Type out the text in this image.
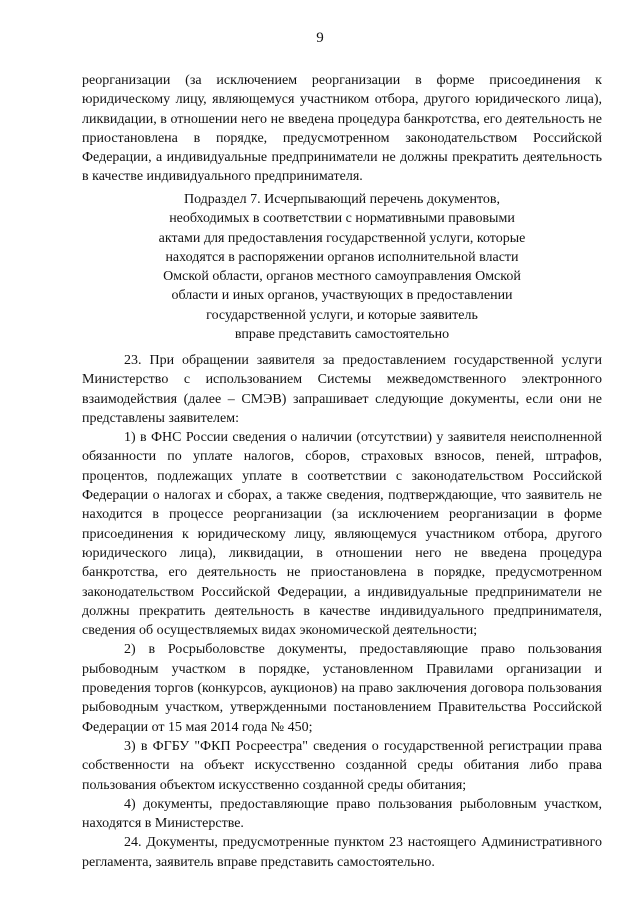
9

реорганизации (за исключением реорганизации в форме присоединения к юридическому лицу, являющемуся участником отбора, другого юридического лица), ликвидации, в отношении него не введена процедура банкротства, его деятельность не приостановлена в порядке, предусмотренном законодательством Российской Федерации, а индивидуальные предприниматели не должны прекратить деятельность в качестве индивидуального предпринимателя.

Подраздел 7. Исчерпывающий перечень документов,
необходимых в соответствии с нормативными правовыми
актами для предоставления государственной услуги, которые
находятся в распоряжении органов исполнительной власти
Омской области, органов местного самоуправления Омской
области и иных органов, участвующих в предоставлении
государственной услуги, и которые заявитель
вправе представить самостоятельно

23. При обращении заявителя за предоставлением государственной услуги Министерство с использованием Системы межведомственного электронного взаимодействия (далее – СМЭВ) запрашивает следующие документы, если они не представлены заявителем:

1) в ФНС России сведения о наличии (отсутствии) у заявителя неисполненной обязанности по уплате налогов, сборов, страховых взносов, пеней, штрафов, процентов, подлежащих уплате в соответствии с законодательством Российской Федерации о налогах и сборах, а также сведения, подтверждающие, что заявитель не находится в процессе реорганизации (за исключением реорганизации в форме присоединения к юридическому лицу, являющемуся участником отбора, другого юридического лица), ликвидации, в отношении него не введена процедура банкротства, его деятельность не приостановлена в порядке, предусмотренном законодательством Российской Федерации, а индивидуальные предприниматели не должны прекратить деятельность в качестве индивидуального предпринимателя, сведения об осуществляемых видах экономической деятельности;

2) в Росрыболовстве документы, предоставляющие право пользования рыбоводным участком в порядке, установленном Правилами организации и проведения торгов (конкурсов, аукционов) на право заключения договора пользования рыбоводным участком, утвержденными постановлением Правительства Российской Федерации от 15 мая 2014 года № 450;

3) в ФГБУ "ФКП Росреестра" сведения о государственной регистрации права собственности на объект искусственно созданной среды обитания либо права пользования объектом искусственно созданной среды обитания;

4) документы, предоставляющие право пользования рыболовным участком, находятся в Министерстве.

24. Документы, предусмотренные пунктом 23 настоящего Административного регламента, заявитель вправе представить самостоятельно.
